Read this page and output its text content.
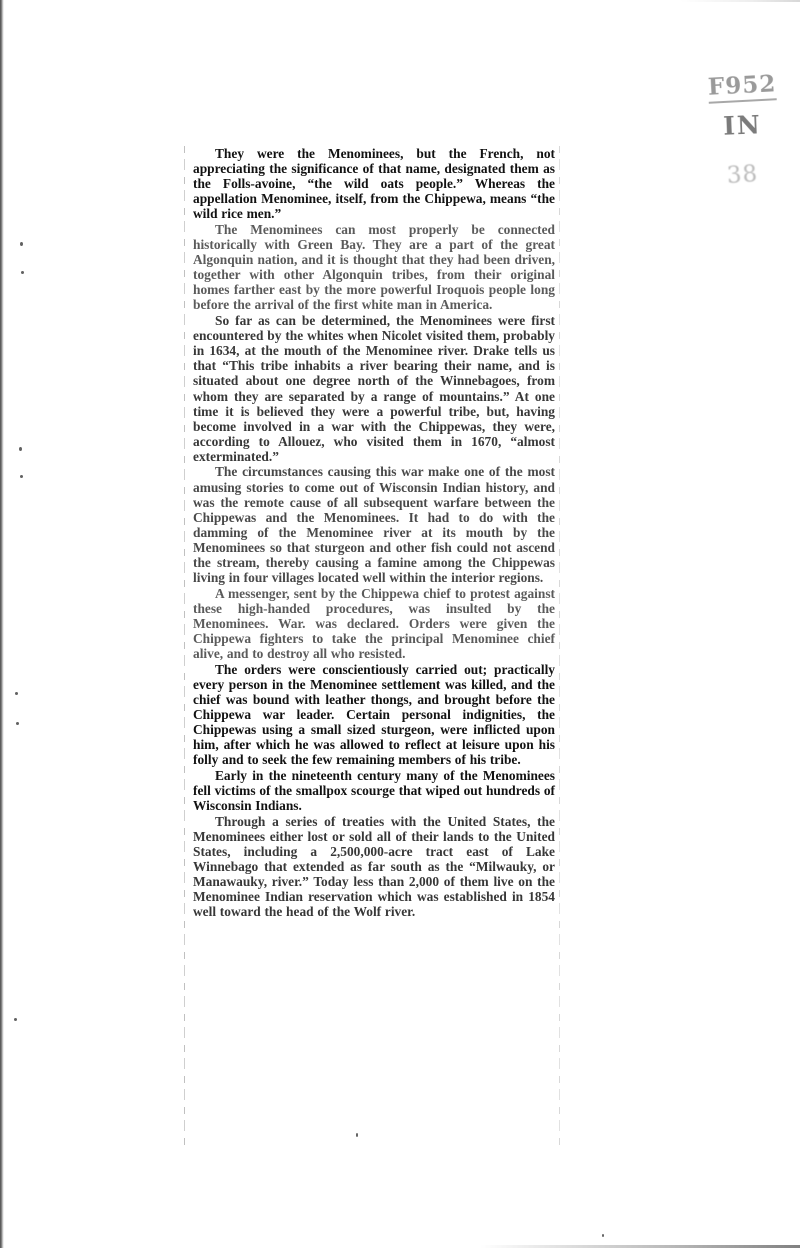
F952
IN
38

They were the Menominees, but the French, not appreciating the significance of that name, designated them as the Folls-avoine, “the wild oats people.” Whereas the appellation Menominee, itself, from the Chippewa, means “the wild rice men.”

The Menominees can most properly be connected historically with Green Bay. They are a part of the great Algonquin nation, and it is thought that they had been driven, together with other Algonquin tribes, from their original homes farther east by the more powerful Iroquois people long before the arrival of the first white man in America.

So far as can be determined, the Menominees were first encountered by the whites when Nicolet visited them, probably in 1634, at the mouth of the Menominee river. Drake tells us that “This tribe inhabits a river bearing their name, and is situated about one degree north of the Winnebagoes, from whom they are separated by a range of mountains.” At one time it is believed they were a powerful tribe, but, having become involved in a war with the Chippewas, they were, according to Allouez, who visited them in 1670, “almost exterminated.”

The circumstances causing this war make one of the most amusing stories to come out of Wisconsin Indian history, and was the remote cause of all subsequent warfare between the Chippewas and the Menominees. It had to do with the damming of the Menominee river at its mouth by the Menominees so that sturgeon and other fish could not ascend the stream, thereby causing a famine among the Chippewas living in four villages located well within the interior regions.

A messenger, sent by the Chippewa chief to protest against these high-handed procedures, was insulted by the Menominees. War. was declared. Orders were given the Chippewa fighters to take the principal Menominee chief alive, and to destroy all who resisted.

The orders were conscientiously carried out; practically every person in the Menominee settlement was killed, and the chief was bound with leather thongs, and brought before the Chippewa war leader. Certain personal indignities, the Chippewas using a small sized sturgeon, were inflicted upon him, after which he was allowed to reflect at leisure upon his folly and to seek the few remaining members of his tribe.

Early in the nineteenth century many of the Menominees fell victims of the smallpox scourge that wiped out hundreds of Wisconsin Indians.

Through a series of treaties with the United States, the Menominees either lost or sold all of their lands to the United States, including a 2,500,000-acre tract east of Lake Winnebago that extended as far south as the “Milwauky, or Manawauky, river.” Today less than 2,000 of them live on the Menominee Indian reservation which was established in 1854 well toward the head of the Wolf river.
